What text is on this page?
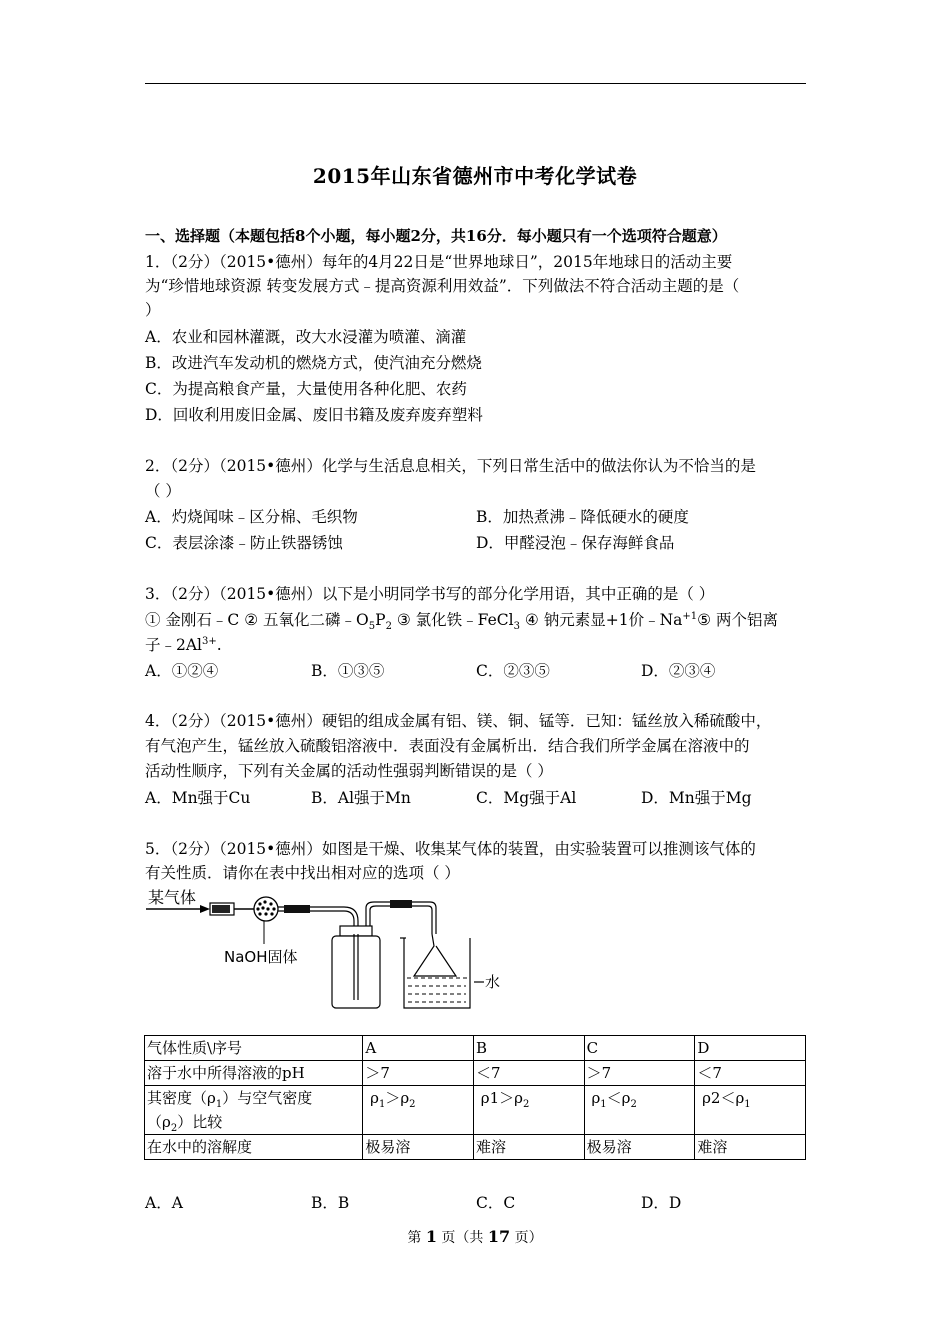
2015年山东省德州市中考化学试卷
一、选择题（本题包括8个小题，每小题2分，共16分．每小题只有一个选项符合题意）
1．（2分）（2015•德州）每年的4月22日是“世界地球日”，2015年地球日的活动主要
为“珍惜地球资源 转变发展方式﹣提高资源利用效益”．下列做法不符合活动主题的是（
）
A．农业和园林灌溉，改大水浸灌为喷灌、滴灌
B．改进汽车发动机的燃烧方式，使汽油充分燃烧
C．为提高粮食产量，大量使用各种化肥、农药
D．回收利用废旧金属、废旧书籍及废弃废弃塑料
2．（2分）（2015•德州）化学与生活息息相关，下列日常生活中的做法你认为不恰当的是
（ ）
A．灼烧闻味﹣区分棉、毛织物	B．加热煮沸﹣降低硬水的硬度
C．表层涂漆﹣防止铁器锈蚀	D．甲醛浸泡﹣保存海鲜食品
3．（2分）（2015•德州）以下是小明同学书写的部分化学用语，其中正确的是（ ）
① 金刚石﹣C ② 五氧化二磷$﹣O_5P_2$ ③ 氯化铁﹣FeCl$_3$ ④ 钠元素显+1价$﹣Na^{+1}⑤$ 两个铝离
子$﹣2Al^{3+}$.
A．①②④	B．①③⑤	C．②③⑤	D．②③④
4．（2分）（2015•德州）硬铝的组成金属有铝、镁、铜、锰等．已知：锰丝放入稀硫酸中，
有气泡产生，锰丝放入硫酸铝溶液中．表面没有金属析出．结合我们所学金属在溶液中的
活动性顺序，下列有关金属的活动性强弱判断错误的是（ ）
A．Mn强于Cu	B．Al强于Mn	C．Mg强于Al	D．Mn强于Mg
5．（2分）（2015•德州）如图是干燥、收集某气体的装置，由实验装置可以推测该气体的
有关性质．请你在表中找出相对应的选项（ ）
某气体
NaOH固体
水
气体性质\序号	A	B	C	D
溶于水中所得溶液的pH	＞7	＜7	＞7	＜7
其密度$(\rho_1)$与空气密度
$(\rho_2)$比较	$\rho_1>\rho_2$	$\rho 1>\rho_2$	$\rho_1<\rho_2$	$\rho 2<\rho_1$
在水中的溶解度	极易溶	难溶	极易溶	难溶
A．A	B．B	C．C	D．D
第 1 页（共 17 页）
